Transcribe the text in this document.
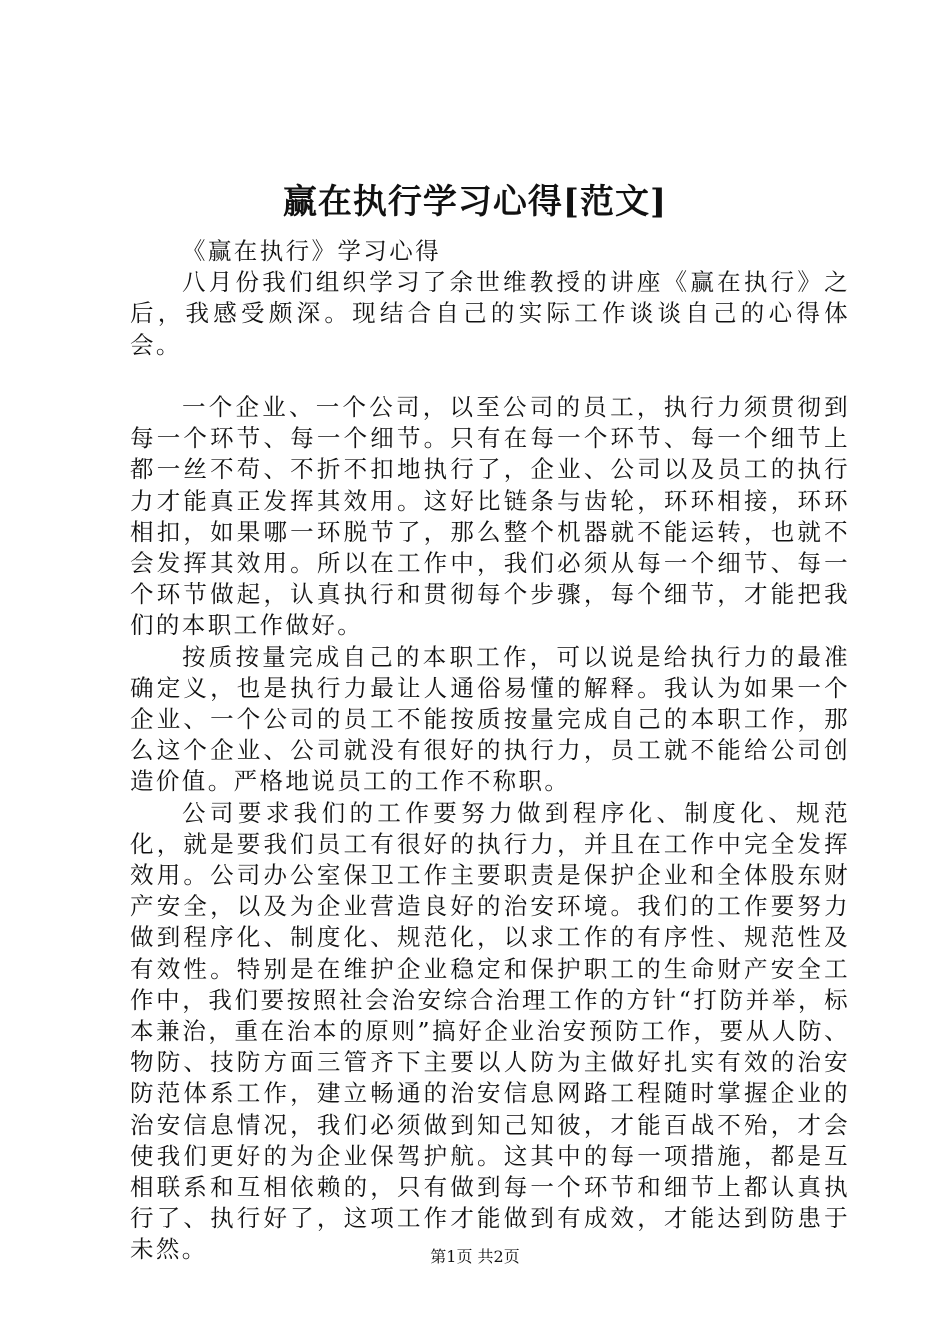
赢在执行学习心得[范文]

《赢在执行》学习心得

八月份我们组织学习了余世维教授的讲座《赢在执行》之后，我感受颇深。现结合自己的实际工作谈谈自己的心得体会。

一个企业、一个公司，以至公司的员工，执行力须贯彻到每一个环节、每一个细节。只有在每一个环节、每一个细节上都一丝不苟、不折不扣地执行了，企业、公司以及员工的执行力才能真正发挥其效用。这好比链条与齿轮，环环相接，环环相扣，如果哪一环脱节了，那么整个机器就不能运转，也就不会发挥其效用。所以在工作中，我们必须从每一个细节、每一个环节做起，认真执行和贯彻每个步骤，每个细节，才能把我们的本职工作做好。

按质按量完成自己的本职工作，可以说是给执行力的最准确定义，也是执行力最让人通俗易懂的解释。我认为如果一个企业、一个公司的员工不能按质按量完成自己的本职工作，那么这个企业、公司就没有很好的执行力，员工就不能给公司创造价值。严格地说员工的工作不称职。

公司要求我们的工作要努力做到程序化、制度化、规范化，就是要我们员工有很好的执行力，并且在工作中完全发挥效用。公司办公室保卫工作主要职责是保护企业和全体股东财产安全，以及为企业营造良好的治安环境。我们的工作要努力做到程序化、制度化、规范化，以求工作的有序性、规范性及有效性。特别是在维护企业稳定和保护职工的生命财产安全工作中，我们要按照社会治安综合治理工作的方针“打防并举，标本兼治，重在治本的原则”搞好企业治安预防工作，要从人防、物防、技防方面三管齐下主要以人防为主做好扎实有效的治安防范体系工作，建立畅通的治安信息网路工程随时掌握企业的治安信息情况，我们必须做到知己知彼，才能百战不殆，才会使我们更好的为企业保驾护航。这其中的每一项措施，都是互相联系和互相依赖的，只有做到每一个环节和细节上都认真执行了、执行好了，这项工作才能做到有成效，才能达到防患于未然。	第1页 共2页
